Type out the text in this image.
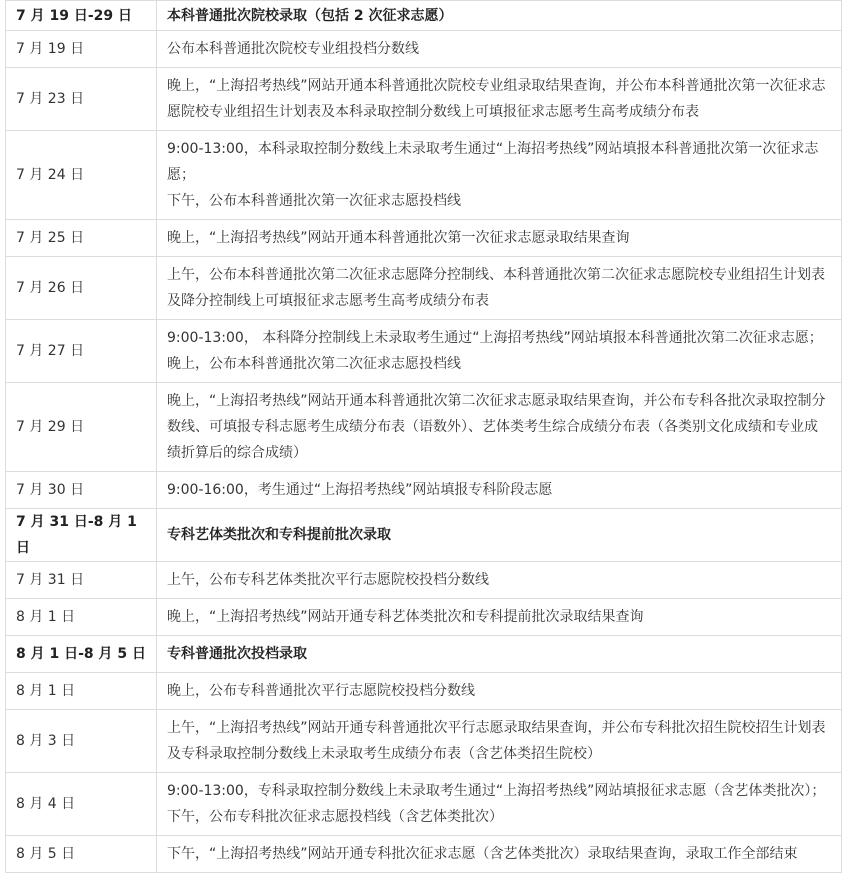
7 月 19 日-29 日	本科普通批次院校录取（包括 2 次征求志愿）

7 月 19 日	公布本科普通批次院校专业组投档分数线

7 月 23 日	晚上，“上海招考热线”网站开通本科普通批次院校专业组录取结果查询，并公布本科普通批次第一次征求志愿院校专业组招生计划表及本科录取控制分数线上可填报征求志愿考生高考成绩分布表

7 月 24 日	9:00-13:00，本科录取控制分数线上未录取考生通过“上海招考热线”网站填报本科普通批次第一次征求志愿；
下午，公布本科普通批次第一次征求志愿投档线

7 月 25 日	晚上，“上海招考热线”网站开通本科普通批次第一次征求志愿录取结果查询

7 月 26 日	上午，公布本科普通批次第二次征求志愿降分控制线、本科普通批次第二次征求志愿院校专业组招生计划表及降分控制线上可填报征求志愿考生高考成绩分布表

7 月 27 日	9:00-13:00， 本科降分控制线上未录取考生通过“上海招考热线”网站填报本科普通批次第二次征求志愿；
晚上，公布本科普通批次第二次征求志愿投档线

7 月 29 日	晚上，“上海招考热线”网站开通本科普通批次第二次征求志愿录取结果查询，并公布专科各批次录取控制分数线、可填报专科志愿考生成绩分布表（语数外）、艺体类考生综合成绩分布表（各类别文化成绩和专业成绩折算后的综合成绩）

7 月 30 日	9:00-16:00，考生通过“上海招考热线”网站填报专科阶段志愿

7 月 31 日-8 月 1 日	专科艺体类批次和专科提前批次录取

7 月 31 日	上午，公布专科艺体类批次平行志愿院校投档分数线

8 月 1 日	晚上，“上海招考热线”网站开通专科艺体类批次和专科提前批次录取结果查询

8 月 1 日-8 月 5 日	专科普通批次投档录取

8 月 1 日	晚上，公布专科普通批次平行志愿院校投档分数线

8 月 3 日	上午，“上海招考热线”网站开通专科普通批次平行志愿录取结果查询，并公布专科批次招生院校招生计划表及专科录取控制分数线上未录取考生成绩分布表（含艺体类招生院校）

8 月 4 日	9:00-13:00，专科录取控制分数线上未录取考生通过“上海招考热线”网站填报征求志愿（含艺体类批次）；
下午，公布专科批次征求志愿投档线（含艺体类批次）

8 月 5 日	下午，“上海招考热线”网站开通专科批次征求志愿（含艺体类批次）录取结果查询，录取工作全部结束
